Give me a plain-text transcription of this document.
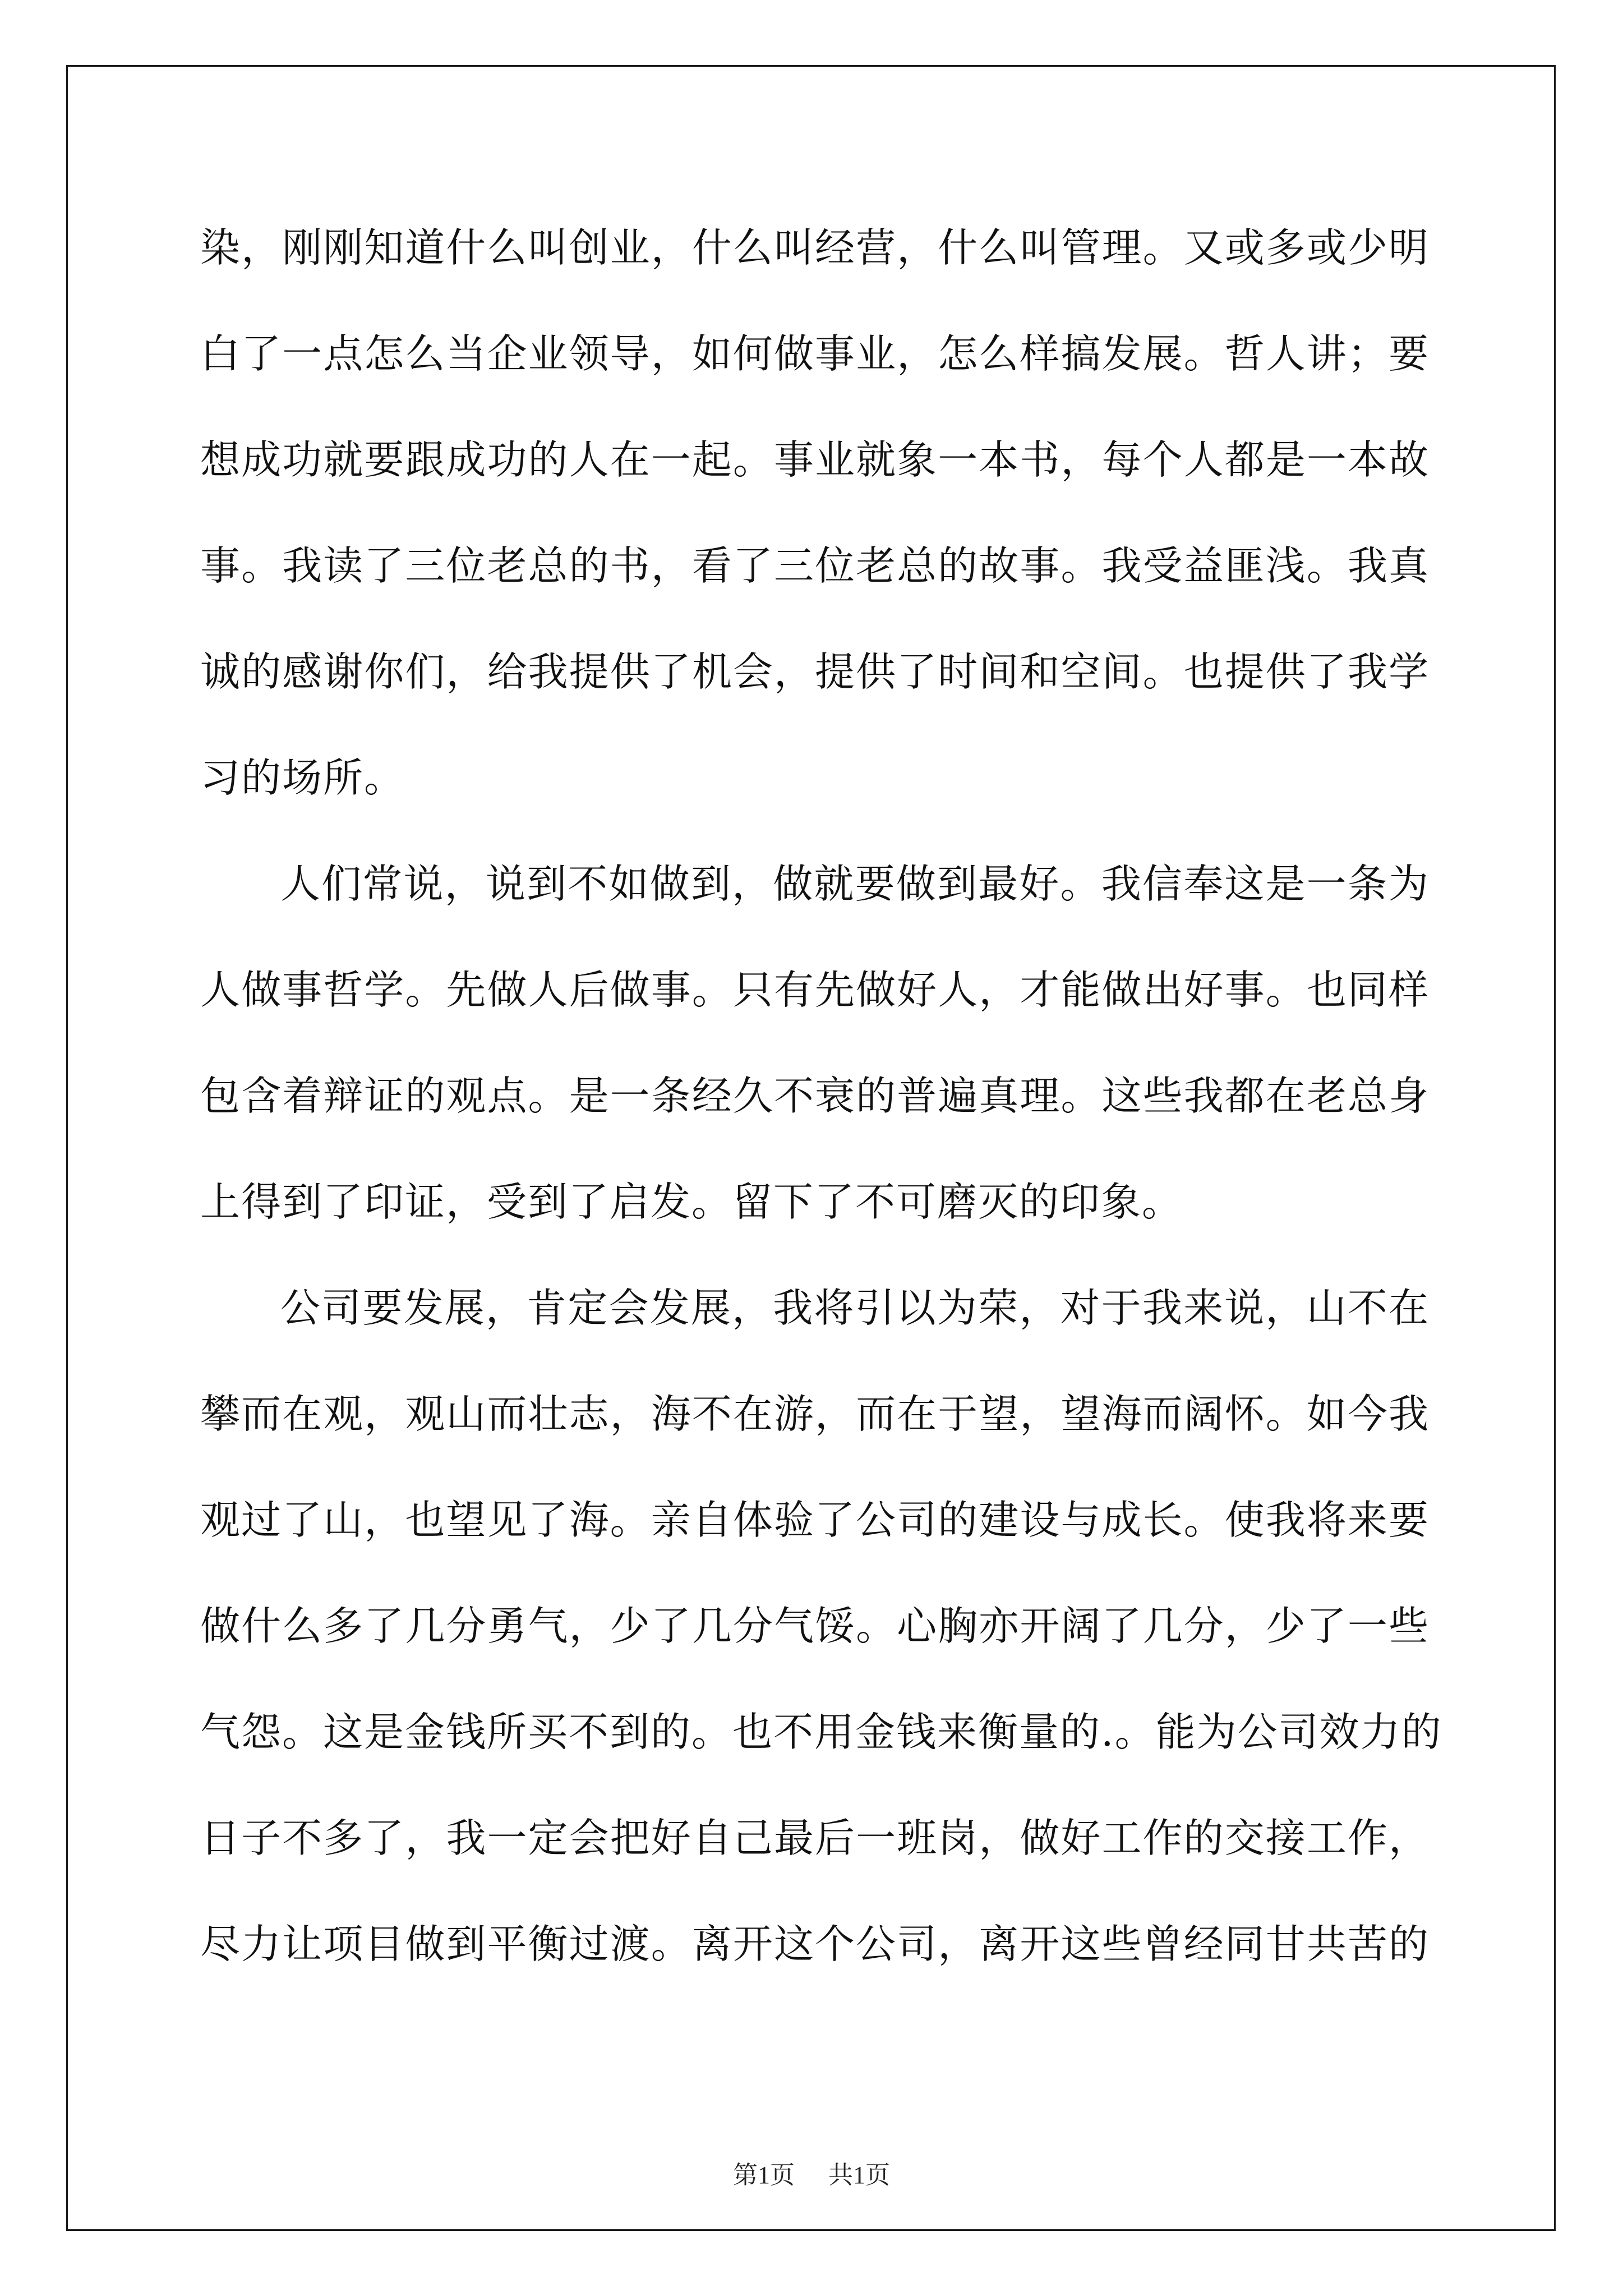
染，刚刚知道什么叫创业，什么叫经营，什么叫管理。又或多或少明
白了一点怎么当企业领导，如何做事业，怎么样搞发展。哲人讲；要
想成功就要跟成功的人在一起。事业就象一本书，每个人都是一本故
事。我读了三位老总的书，看了三位老总的故事。我受益匪浅。我真
诚的感谢你们，给我提供了机会，提供了时间和空间。也提供了我学
习的场所。
人们常说，说到不如做到，做就要做到最好。我信奉这是一条为
人做事哲学。先做人后做事。只有先做好人，才能做出好事。也同样
包含着辩证的观点。是一条经久不衰的普遍真理。这些我都在老总身
上得到了印证，受到了启发。留下了不可磨灭的印象。
公司要发展，肯定会发展，我将引以为荣，对于我来说，山不在
攀而在观，观山而壮志，海不在游，而在于望，望海而阔怀。如今我
观过了山，也望见了海。亲自体验了公司的建设与成长。使我将来要
做什么多了几分勇气，少了几分气馁。心胸亦开阔了几分，少了一些
气怨。这是金钱所买不到的。也不用金钱来衡量的.。能为公司效力的
日子不多了，我一定会把好自己最后一班岗，做好工作的交接工作，
尽力让项目做到平衡过渡。离开这个公司，离开这些曾经同甘共苦的
第1页 共1页
